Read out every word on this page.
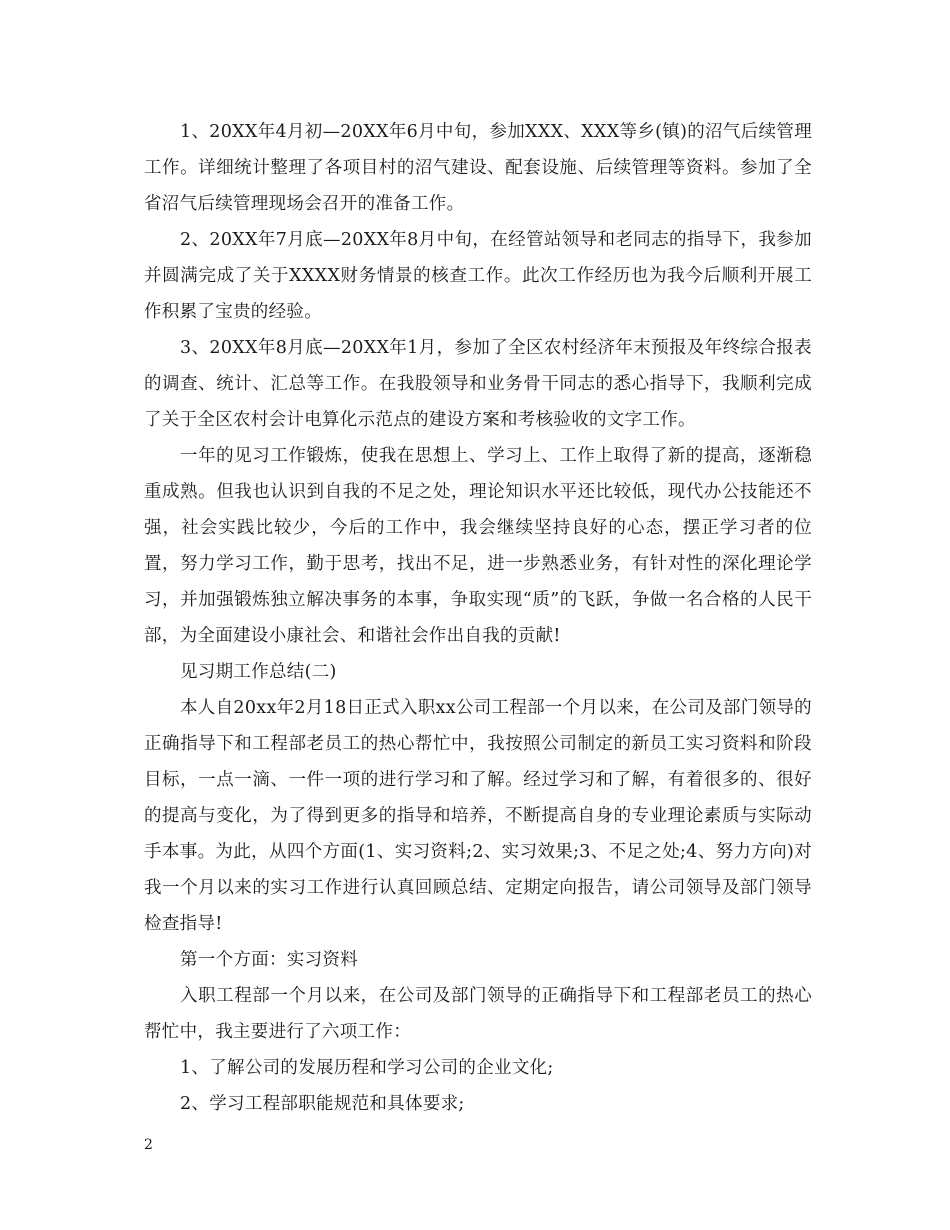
1、20XX年4月初—20XX年6月中旬，参加XXX、XXX等乡(镇)的沼气后续管理工作。详细统计整理了各项目村的沼气建设、配套设施、后续管理等资料。参加了全省沼气后续管理现场会召开的准备工作。

2、20XX年7月底—20XX年8月中旬，在经管站领导和老同志的指导下，我参加并圆满完成了关于XXXX财务情景的核查工作。此次工作经历也为我今后顺利开展工作积累了宝贵的经验。

3、20XX年8月底—20XX年1月，参加了全区农村经济年末预报及年终综合报表的调查、统计、汇总等工作。在我股领导和业务骨干同志的悉心指导下，我顺利完成了关于全区农村会计电算化示范点的建设方案和考核验收的文字工作。

一年的见习工作锻炼，使我在思想上、学习上、工作上取得了新的提高，逐渐稳重成熟。但我也认识到自我的不足之处，理论知识水平还比较低，现代办公技能还不强，社会实践比较少，今后的工作中，我会继续坚持良好的心态，摆正学习者的位置，努力学习工作，勤于思考，找出不足，进一步熟悉业务，有针对性的深化理论学习，并加强锻炼独立解决事务的本事，争取实现“质”的飞跃，争做一名合格的人民干部，为全面建设小康社会、和谐社会作出自我的贡献!

见习期工作总结(二)

本人自20xx年2月18日正式入职xx公司工程部一个月以来，在公司及部门领导的正确指导下和工程部老员工的热心帮忙中，我按照公司制定的新员工实习资料和阶段目标，一点一滴、一件一项的进行学习和了解。经过学习和了解，有着很多的、很好的提高与变化，为了得到更多的指导和培养，不断提高自身的专业理论素质与实际动手本事。为此，从四个方面(1、实习资料;2、实习效果;3、不足之处;4、努力方向)对我一个月以来的实习工作进行认真回顾总结、定期定向报告，请公司领导及部门领导检查指导!

第一个方面：实习资料

入职工程部一个月以来，在公司及部门领导的正确指导下和工程部老员工的热心帮忙中，我主要进行了六项工作：

1、了解公司的发展历程和学习公司的企业文化;

2、学习工程部职能规范和具体要求;

2
